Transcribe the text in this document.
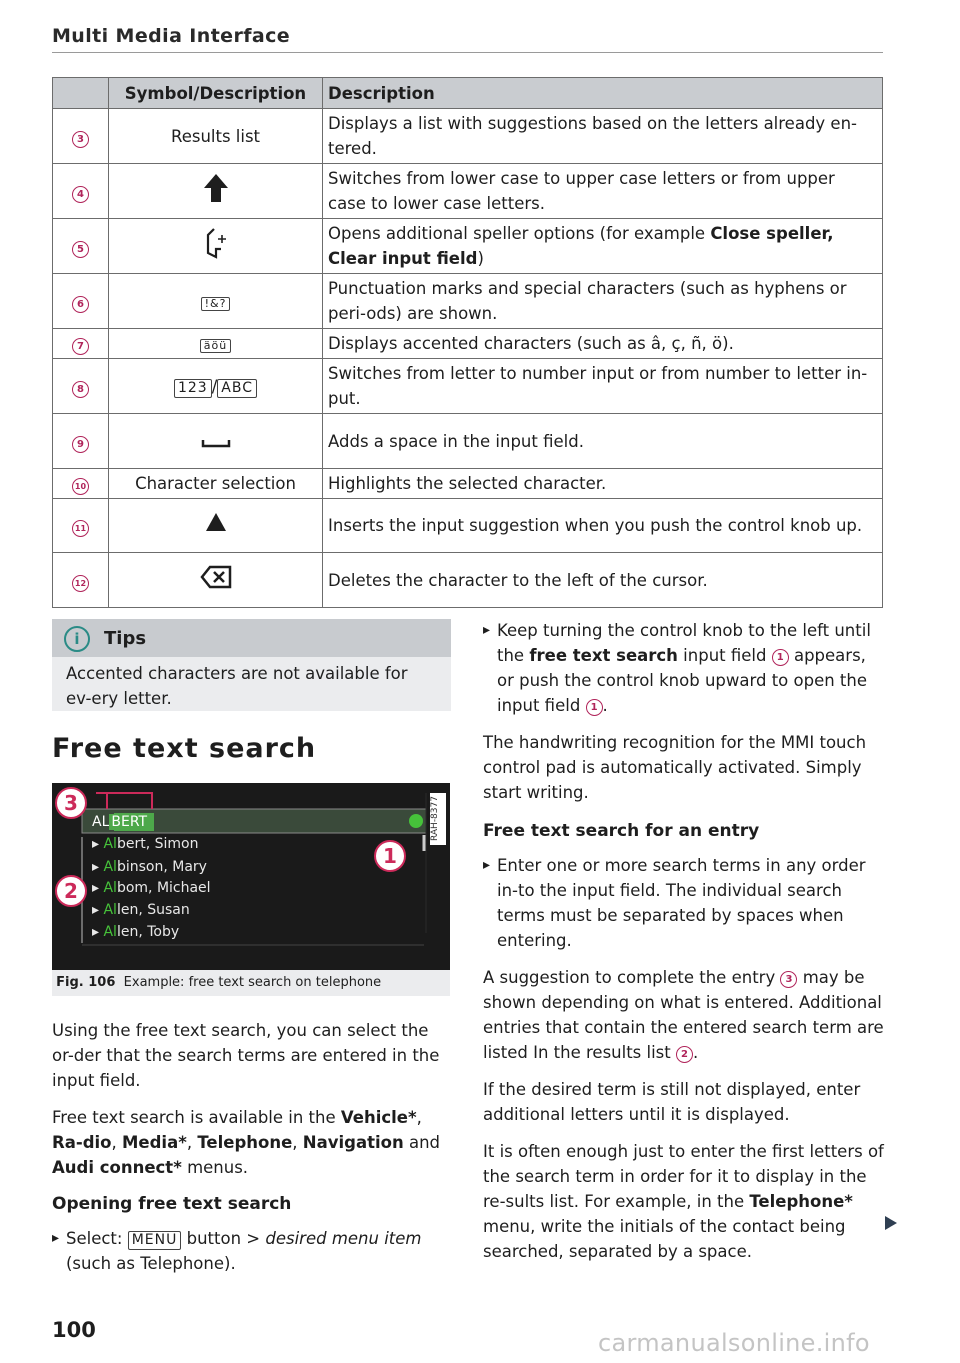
Multi Media Interface
	Symbol/Description	Description
3	Results list	Displays a list with suggestions based on the letters already en-tered.
4		Switches from lower case to upper case letters or from upper case to lower case letters.
5		Opens additional speller options (for example Close speller, Clear input field)
6	!&?	Punctuation marks and special characters (such as hyphens or peri-ods) are shown.
7	äöü	Displays accented characters (such as â, ç, ñ, ö).
8	123 / ABC	Switches from letter to number input or from number to letter in-put.
9		Adds a space in the input field.
10	Character selection	Highlights the selected character.
11		Inserts the input suggestion when you push the control knob up.
12		Deletes the character to the left of the cursor.
i	Tips
Accented characters are not available for ev-ery letter.
Free text search
AL BERT
▸ Albert, Simon
▸ Albinson, Mary
▸ Albom, Michael
▸ Allen, Susan
▸ Allen, Toby
3
2
1
RAH-8377
Fig. 106 Example: free text search on telephone
Using the free text search, you can select the or-der that the search terms are entered in the input field.
Free text search is available in the Vehicle*, Ra-dio, Media*, Telephone, Navigation and Audi connect* menus.
Opening free text search
▸ Select: MENU button > desired menu item (such as Telephone).
▸ Keep turning the control knob to the left until the free text search input field 1 appears, or push the control knob upward to open the input field 1 .
The handwriting recognition for the MMI touch control pad is automatically activated. Simply start writing.
Free text search for an entry
▸ Enter one or more search terms in any order in-to the input field. The individual search terms must be separated by spaces when entering.
A suggestion to complete the entry 3 may be shown depending on what is entered. Additional entries that contain the entered search term are listed In the results list 2 .
If the desired term is still not displayed, enter additional letters until it is displayed.
It is often enough just to enter the first letters of the search term in order for it to display in the re-sults list. For example, in the Telephone* menu, write the initials of the contact being searched, separated by a space.
100	carmanualsonline.info
